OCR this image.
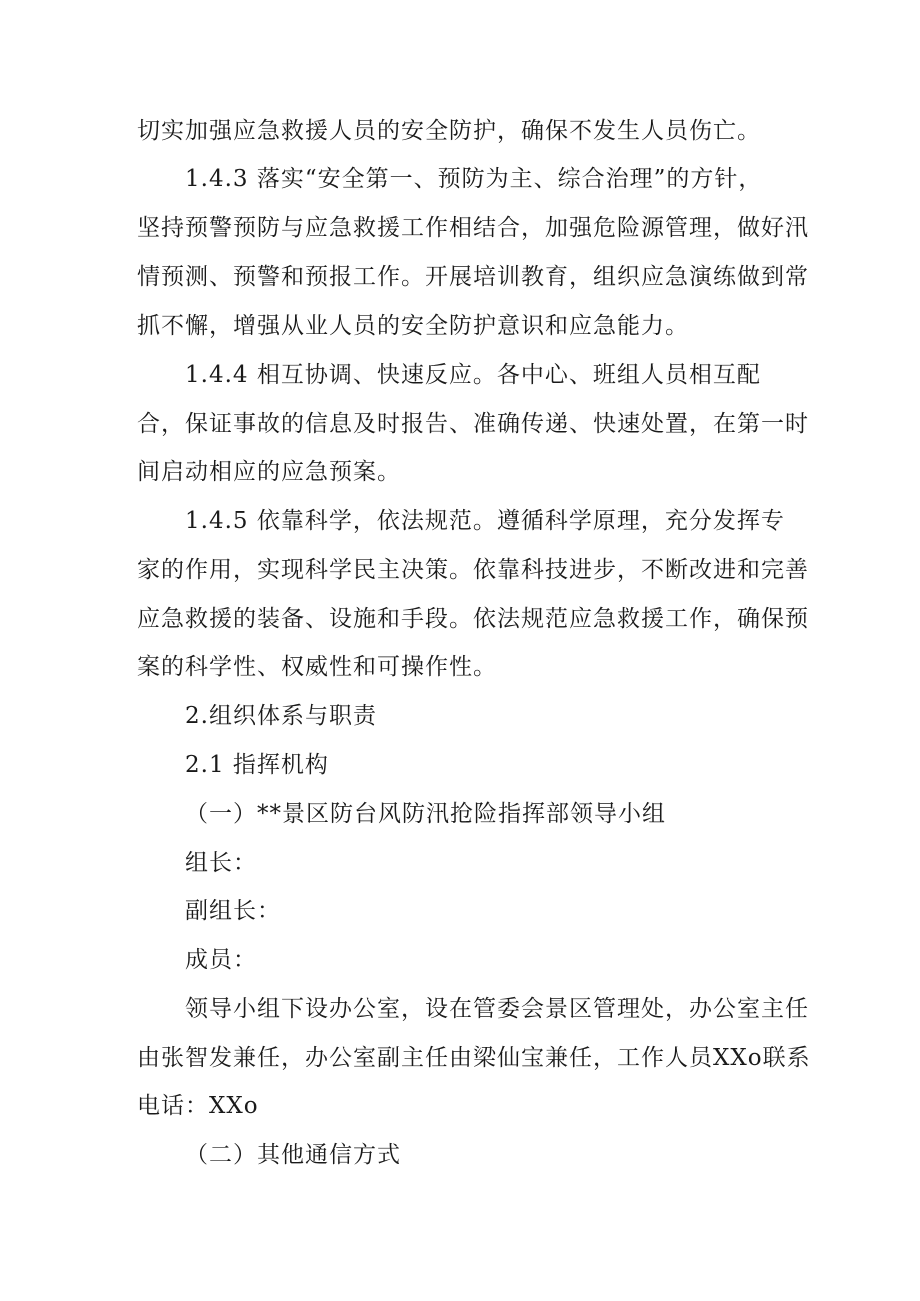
切实加强应急救援人员的安全防护，确保不发生人员伤亡。
1.4.3 落实“安全第一、预防为主、综合治理”的方针，
坚持预警预防与应急救援工作相结合，加强危险源管理，做好汛
情预测、预警和预报工作。开展培训教育，组织应急演练做到常
抓不懈，增强从业人员的安全防护意识和应急能力。
1.4.4 相互协调、快速反应。各中心、班组人员相互配
合，保证事故的信息及时报告、准确传递、快速处置，在第一时
间启动相应的应急预案。
1.4.5 依靠科学，依法规范。遵循科学原理，充分发挥专
家的作用，实现科学民主决策。依靠科技进步，不断改进和完善
应急救援的装备、设施和手段。依法规范应急救援工作，确保预
案的科学性、权威性和可操作性。
2.组织体系与职责
2.1 指挥机构
（一）**景区防台风防汛抢险指挥部领导小组
组长：
副组长：
成员：
领导小组下设办公室，设在管委会景区管理处，办公室主任
由张智发兼任，办公室副主任由梁仙宝兼任，工作人员XXo联系
电话：XXo
（二）其他通信方式
